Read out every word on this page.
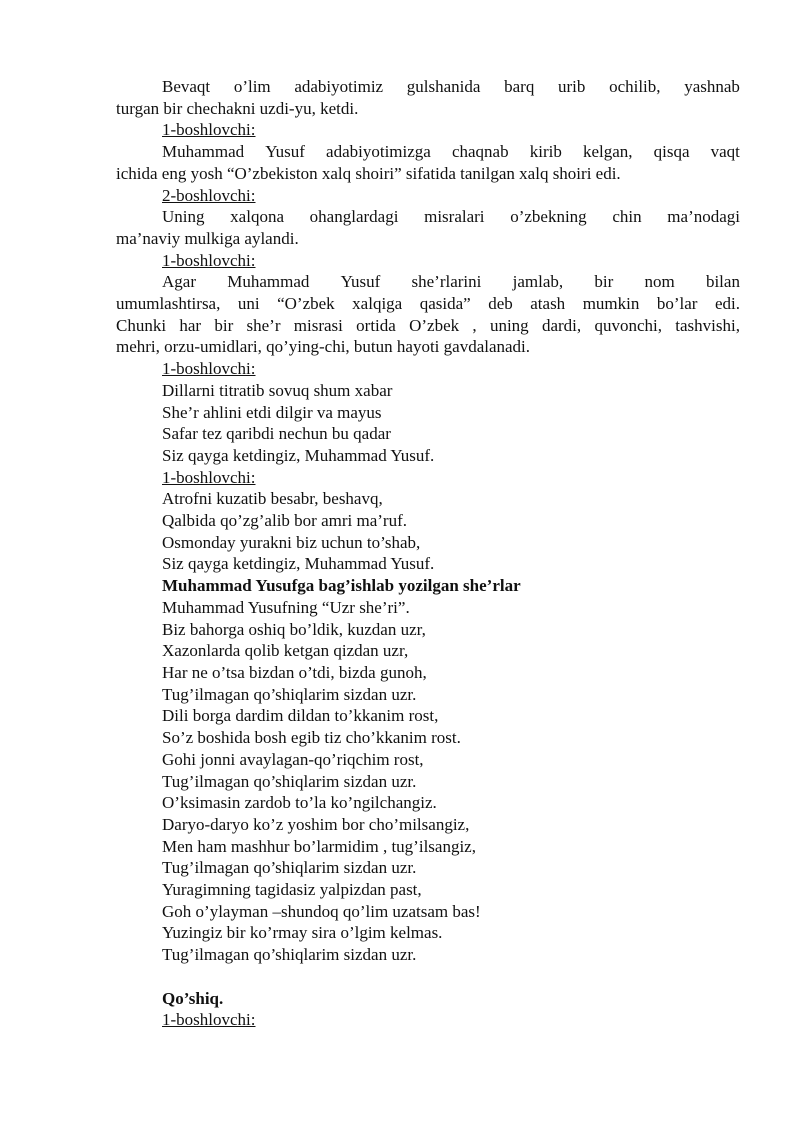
Bevaqt o’lim adabiyotimiz gulshanida barq urib ochilib, yashnab
turgan bir chechakni uzdi-yu, ketdi.
1-boshlovchi:
Muhammad Yusuf adabiyotimizga chaqnab kirib kelgan, qisqa vaqt
ichida eng yosh “O’zbekiston xalq shoiri” sifatida tanilgan xalq shoiri edi.
2-boshlovchi:
Uning xalqona ohanglardagi misralari o’zbekning chin ma’nodagi
ma’naviy mulkiga aylandi.
1-boshlovchi:
Agar Muhammad Yusuf she’rlarini jamlab, bir nom bilan
umumlashtirsa, uni “O’zbek xalqiga qasida” deb atash mumkin bo’lar edi.
Chunki har bir she’r misrasi ortida O’zbek , uning dardi, quvonchi, tashvishi,
mehri, orzu-umidlari, qo’ying-chi, butun hayoti gavdalanadi.
1-boshlovchi:
Dillarni titratib sovuq shum xabar
She’r ahlini etdi dilgir va mayus
Safar tez qaribdi nechun bu qadar
Siz qayga ketdingiz, Muhammad Yusuf.
1-boshlovchi:
Atrofni kuzatib besabr, beshavq,
Qalbida qo’zg’alib bor amri ma’ruf.
Osmonday yurakni biz uchun to’shab,
Siz qayga ketdingiz, Muhammad Yusuf.
Muhammad Yusufga bag’ishlab yozilgan she’rlar
Muhammad Yusufning “Uzr she’ri”.
Biz bahorga oshiq bo’ldik, kuzdan uzr,
Xazonlarda qolib ketgan qizdan uzr,
Har ne o’tsa bizdan o’tdi, bizda gunoh,
Tug’ilmagan qo’shiqlarim sizdan uzr.
Dili borga dardim dildan to’kkanim rost,
So’z boshida bosh egib tiz cho’kkanim rost.
Gohi jonni avaylagan-qo’riqchim rost,
Tug’ilmagan qo’shiqlarim sizdan uzr.
O’ksimasin zardob to’la ko’ngilchangiz.
Daryo-daryo ko’z yoshim bor cho’milsangiz,
Men ham mashhur bo’larmidim , tug’ilsangiz,
Tug’ilmagan qo’shiqlarim sizdan uzr.
Yuragimning tagidasiz yalpizdan past,
Goh o’ylayman –shundoq qo’lim uzatsam bas!
Yuzingiz bir ko’rmay sira o’lgim kelmas.
Tug’ilmagan qo’shiqlarim sizdan uzr.
Qo’shiq.
1-boshlovchi:
